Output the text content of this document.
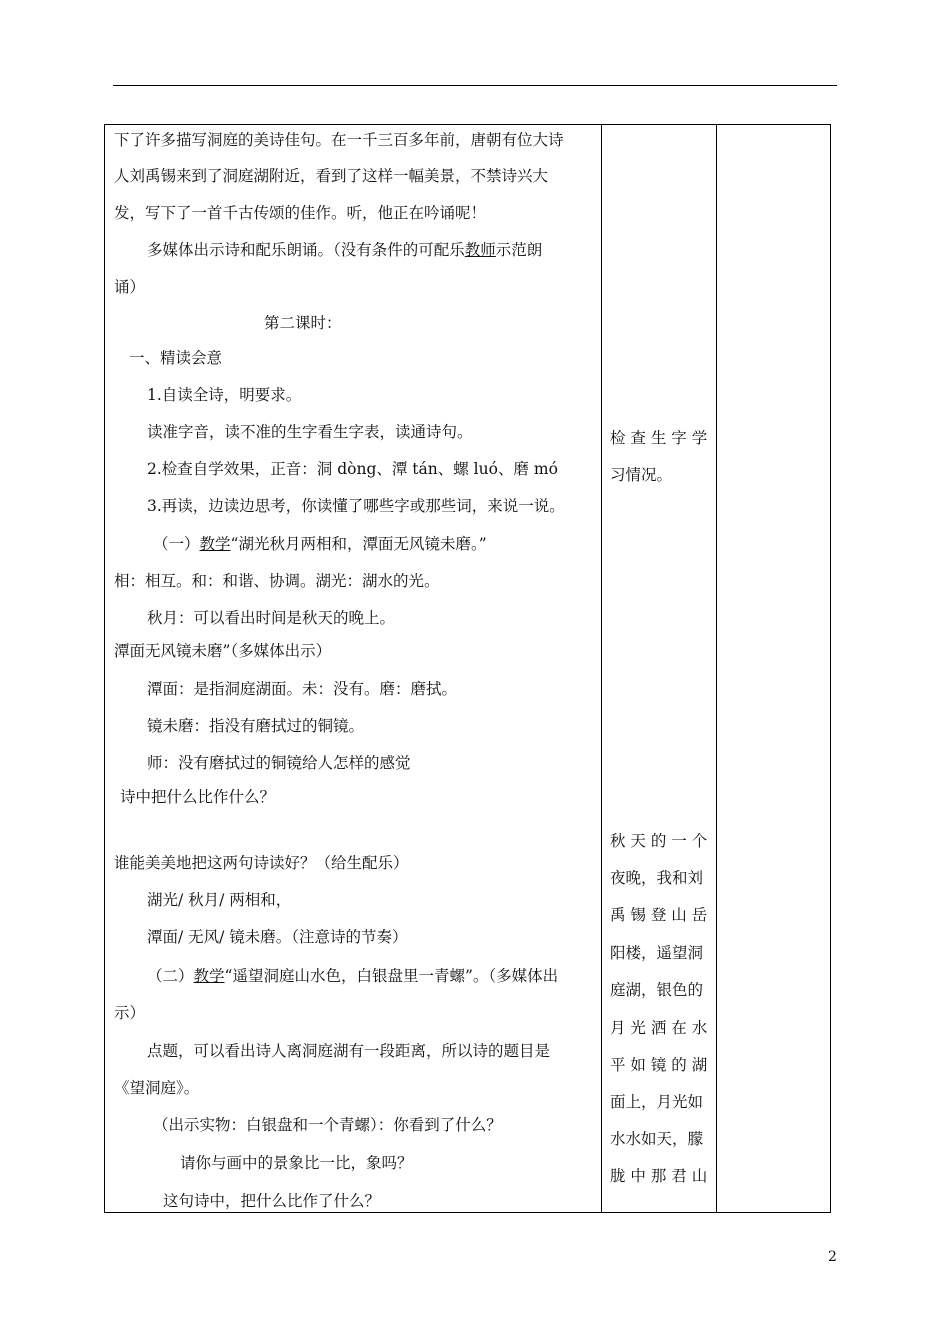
下了许多描写洞庭的美诗佳句。在一千三百多年前，唐朝有位大诗
人刘禹锡来到了洞庭湖附近，看到了这样一幅美景，不禁诗兴大
发，写下了一首千古传颂的佳作。听，他正在吟诵呢！
多媒体出示诗和配乐朗诵。（没有条件的可配乐教师示范朗
诵）
第二课时：
一、精读会意
1.自读全诗，明要求。
读准字音，读不准的生字看生字表，读通诗句。
2.检查自学效果，正音：洞 dòng、潭 tán、螺 luó、磨 mó
3.再读，边读边思考，你读懂了哪些字或那些词，来说一说。
（一）教学“湖光秋月两相和，潭面无风镜未磨。”
相：相互。和：和谐、协调。湖光：湖水的光。
秋月：可以看出时间是秋天的晚上。
潭面无风镜未磨”（多媒体出示）
潭面：是指洞庭湖面。未：没有。磨：磨拭。
镜未磨：指没有磨拭过的铜镜。
师：没有磨拭过的铜镜给人怎样的感觉
诗中把什么比作什么？
谁能美美地把这两句诗读好？（给生配乐）
湖光/ 秋月/ 两相和，
潭面/ 无风/ 镜未磨。（注意诗的节奏）
（二）教学“遥望洞庭山水色，白银盘里一青螺”。（多媒体出
示）
点题，可以看出诗人离洞庭湖有一段距离，所以诗的题目是
《望洞庭》。
（出示实物：白银盘和一个青螺）：你看到了什么？
请你与画中的景象比一比，象吗？
这句诗中，把什么比作了什么？
检 查 生 字 学
习情况。
秋 天 的 一 个
夜晚，我和刘
禹 锡 登 山 岳
阳楼，遥望洞
庭湖，银色的
月 光 洒 在 水
平 如 镜 的 湖
面上，月光如
水水如天，朦
胧 中 那 君 山
2
